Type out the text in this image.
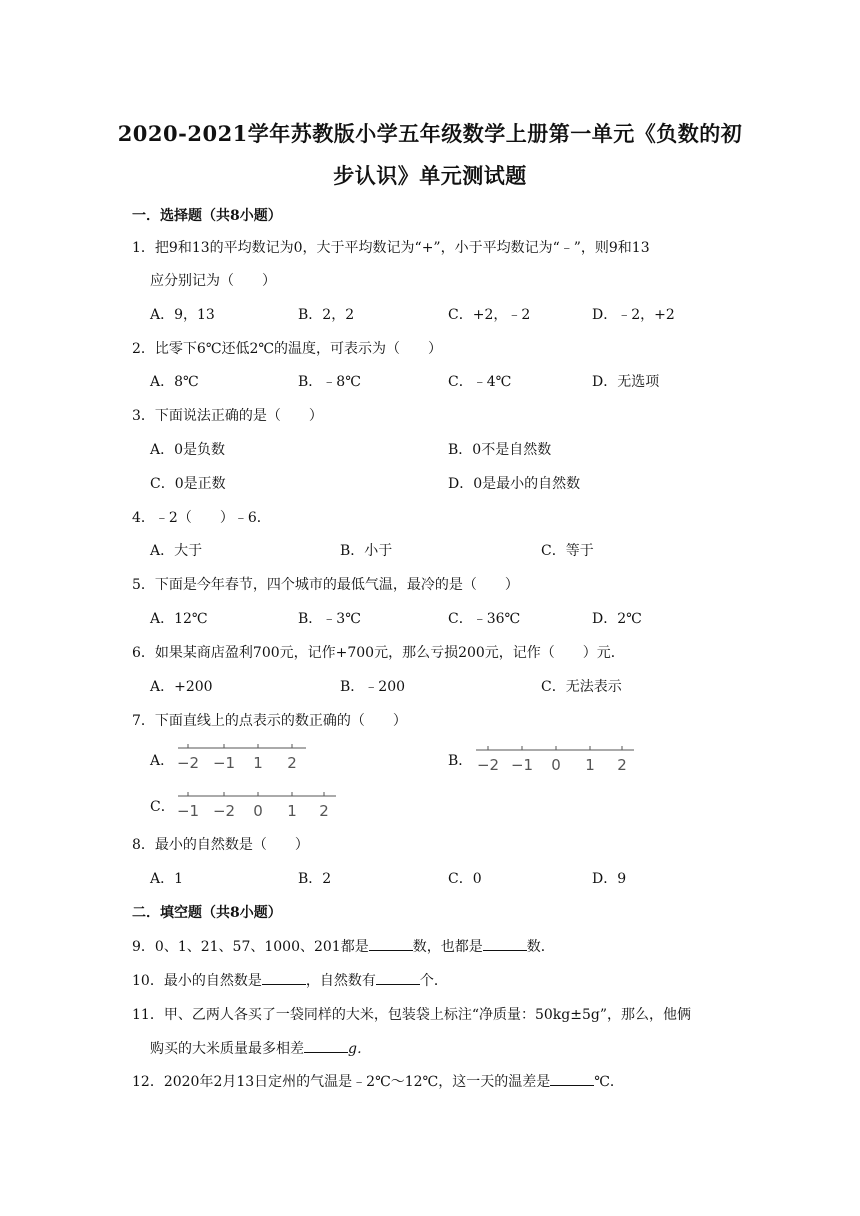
2020-2021学年苏教版小学五年级数学上册第一单元《负数的初
步认识》单元测试题
一．选择题（共8小题）
1．把9和13的平均数记为0，大于平均数记为“+”，小于平均数记为“﹣”，则9和13
应分别记为（　　）
A．9，13	B．2，2	C．+2，﹣2	D．﹣2，+2
2．比零下6℃还低2℃的温度，可表示为（　　）
A．8℃	B．﹣8℃	C．﹣4℃	D．无选项
3．下面说法正确的是（　　）
A．0是负数	B．0不是自然数
C．0是正数	D．0是最小的自然数
4．﹣2（　　）﹣6．
A．大于	B．小于	C．等于
5．下面是今年春节，四个城市的最低气温，最冷的是（　　）
A．12℃	B．﹣3℃	C．﹣36℃	D．2℃
6．如果某商店盈利700元，记作+700元，那么亏损200元，记作（　　）元．
A．+200	B．﹣200	C．无法表示
7．下面直线上的点表示的数正确的（　　）
A． −2 −1 1 2	B． −2 −1 0 1 2
C． −1 −2 0 1 2
8．最小的自然数是（　　）
A．1	B．2	C．0	D．9
二．填空题（共8小题）
9．0、1、21、57、1000、201都是	数，也都是	数．
10．最小的自然数是	，自然数有	个．
11．甲、乙两人各买了一袋同样的大米，包装袋上标注“净质量：50kg±5g”，那么，他俩
购买的大米质量最多相差	g．
12．2020年2月13日定州的气温是﹣2℃～12℃，这一天的温差是	℃．
